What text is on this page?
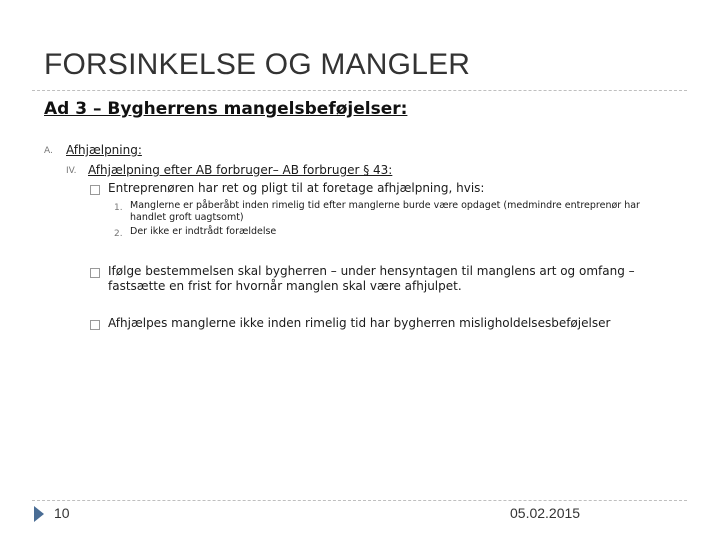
FORSINKELSE OG MANGLER
Ad 3 – Bygherrens mangelsbeføjelser:
A. Afhjælpning:
IV. Afhjælpning efter AB forbruger– AB forbruger § 43:
Entreprenøren har ret og pligt til at foretage afhjælpning, hvis:
1. Manglerne er påberåbt inden rimelig tid efter manglerne burde være opdaget (medmindre entreprenør har handlet groft uagtsomt)
2. Der ikke er indtrådt forældelse
Ifølge bestemmelsen skal bygherren – under hensyntagen til manglens art og omfang – fastsætte en frist for hvornår manglen skal være afhjulpet.
Afhjælpes manglerne ikke inden rimelig tid har bygherren misligholdelsesbeføjelser
10	05.02.2015
